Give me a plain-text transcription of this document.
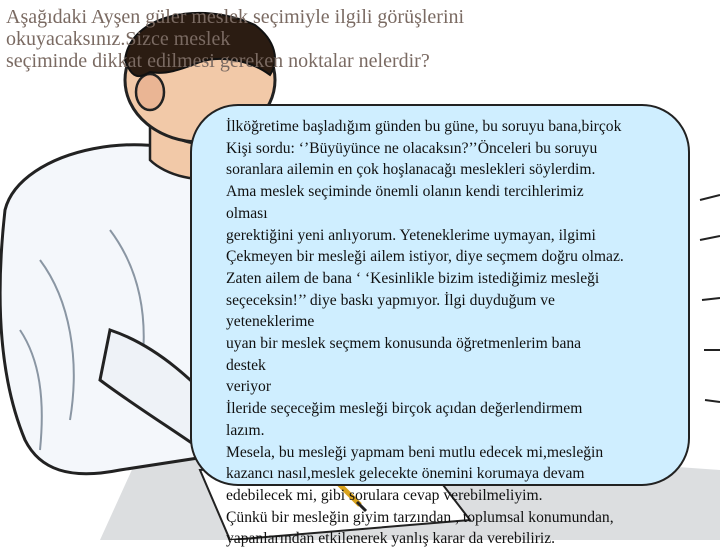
Aşağıdaki Ayşen güler meslek seçimiyle ilgili görüşlerini
okuyacaksınız.Sizce meslek
seçiminde dikkat edilmesi gereken noktalar nelerdir?
İlköğretime başladığım günden bu güne, bu soruyu bana,birçok
Kişi sordu: ‘’Büyüyünce ne olacaksın?’’Önceleri bu soruyu
soranlara ailemin en çok hoşlanacağı meslekleri söylerdim.
Ama meslek seçiminde önemli olanın kendi tercihlerimiz
olması
gerektiğini yeni anlıyorum. Yeteneklerime uymayan, ilgimi
Çekmeyen bir mesleği ailem istiyor, diye seçmem doğru olmaz.
Zaten ailem de bana ‘ ‘Kesinlikle bizim istediğimiz mesleği
seçeceksin!’’ diye baskı yapmıyor. İlgi duyduğum ve
yeteneklerime
uyan bir meslek seçmem konusunda öğretmenlerim bana
destek
veriyor
İleride seçeceğim mesleği birçok açıdan değerlendirmem
lazım.
Mesela, bu mesleği yapmam beni mutlu edecek mi,mesleğin
kazancı nasıl,meslek gelecekte önemini korumaya devam
edebilecek mi, gibi sorulara cevap verebilmeliyim.
Çünkü bir mesleğin giyim tarzından , toplumsal konumundan,
yapanlarından etkilenerek yanlış karar da verebiliriz.
